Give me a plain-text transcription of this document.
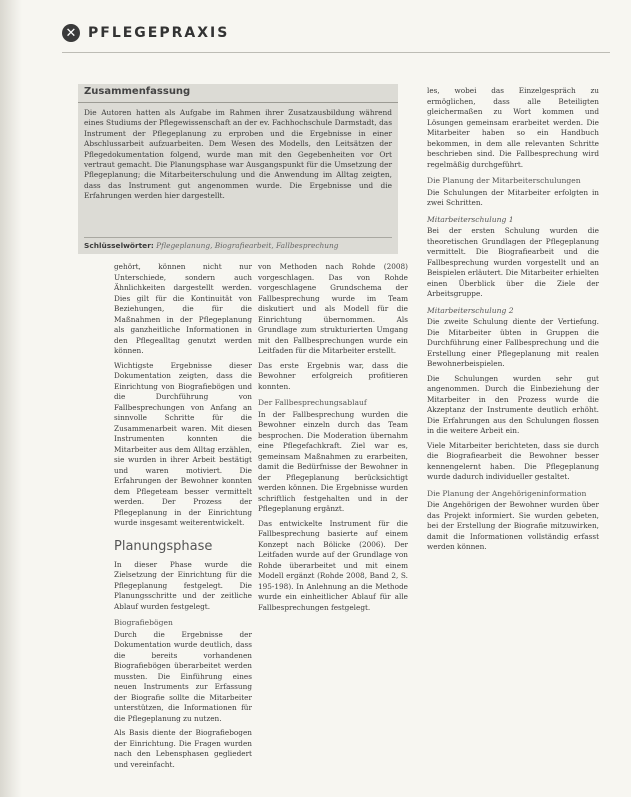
✕ PFLEGEPRAXIS
Zusammenfassung
Die Autoren hatten als Aufgabe im Rahmen ihrer Zusatzausbildung während eines Studiums der Pflegewissenschaft an der ev. Fachhochschule Darmstadt, das Instrument der Pflegeplanung zu erproben und die Ergebnisse in einer Abschlussarbeit aufzuarbeiten. Dem Wesen des Modells, den Leitsätzen der Pflegedokumentation folgend, wurde man mit den Gegebenheiten vor Ort vertraut gemacht. Die Planungsphase war Ausgangspunkt für die Umsetzung der Pflegeplanung; die Mitarbeiterschulung und die Anwendung im Alltag zeigten, dass das Instrument gut angenommen wurde. Die Ergebnisse und die Erfahrungen werden hier dargestellt.
Schlüsselwörter: Pflegeplanung, Biografiearbeit, Fallbesprechung

gehört, können nicht nur Unterschiede, sondern auch Ähnlichkeiten dargestellt werden. Dies gilt für die Kontinuität von Beziehungen, die für die Maßnahmen in der Pflegeplanung als ganzheitliche Informationen in den Pflegealltag genutzt werden können.

Wichtigste Ergebnisse dieser Dokumentation zeigten, dass die Einrichtung von Biografiebögen und die Durchführung von Fallbesprechungen von Anfang an sinnvolle Schritte für die Zusammenarbeit waren. Mit diesen Instrumenten konnten die Mitarbeiter aus dem Alltag erzählen, sie wurden in ihrer Arbeit bestätigt und waren motiviert. Die Erfahrungen der Bewohner konnten dem Pflegeteam besser vermittelt werden. Der Prozess der Pflegeplanung in der Einrichtung wurde insgesamt weiterentwickelt.

Planungsphase

In dieser Phase wurde die Zielsetzung der Einrichtung für die Pflegeplanung festgelegt. Die Planungsschritte und der zeitliche Ablauf wurden festgelegt.

Biografiebögen

Durch die Ergebnisse der Dokumentation wurde deutlich, dass die bereits vorhandenen Biografiebögen überarbeitet werden mussten. Die Einführung eines neuen Instruments zur Erfassung der Biografie sollte die Mitarbeiter unterstützen, die Informationen für die Pflegeplanung zu nutzen.

Als Basis diente der Biografiebogen der Einrichtung. Die Fragen wurden nach den Lebensphasen gegliedert und vereinfacht.

von Methoden nach Rohde (2008) vorgeschlagen. Das von Rohde vorgeschlagene Grundschema der Fallbesprechung wurde im Team diskutiert und als Modell für die Einrichtung übernommen. Als Grundlage zum strukturierten Umgang mit den Fallbesprechungen wurde ein Leitfaden für die Mitarbeiter erstellt.

Das erste Ergebnis war, dass die Bewohner erfolgreich profitieren konnten.

Der Fallbesprechungsablauf

In der Fallbesprechung wurden die Bewohner einzeln durch das Team besprochen. Die Moderation übernahm eine Pflegefachkraft. Ziel war es, gemeinsam Maßnahmen zu erarbeiten, damit die Bedürfnisse der Bewohner in der Pflegeplanung berücksichtigt werden können. Die Ergebnisse wurden schriftlich festgehalten und in der Pflegeplanung ergänzt.

Das entwickelte Instrument für die Fallbesprechung basierte auf einem Konzept nach Bölicke (2006). Der Leitfaden wurde auf der Grundlage von Rohde überarbeitet und mit einem Modell ergänzt (Rohde 2008, Band 2, S. 195-198). In Anlehnung an die Methode wurde ein einheitlicher Ablauf für alle Fallbesprechungen festgelegt.

les, wobei das Einzelgespräch zu ermöglichen, dass alle Beteiligten gleichermaßen zu Wort kommen und Lösungen gemeinsam erarbeitet werden. Die Mitarbeiter haben so ein Handbuch bekommen, in dem alle relevanten Schritte beschrieben sind. Die Fallbesprechung wird regelmäßig durchgeführt.

Die Planung der Mitarbeiterschulungen

Die Schulungen der Mitarbeiter erfolgten in zwei Schritten.

Mitarbeiterschulung 1

Bei der ersten Schulung wurden die theoretischen Grundlagen der Pflegeplanung vermittelt. Die Biografiearbeit und die Fallbesprechung wurden vorgestellt und an Beispielen erläutert. Die Mitarbeiter erhielten einen Überblick über die Ziele der Arbeitsgruppe.

Mitarbeiterschulung 2

Die zweite Schulung diente der Vertiefung. Die Mitarbeiter übten in Gruppen die Durchführung einer Fallbesprechung und die Erstellung einer Pflegeplanung mit realen Bewohnerbeispielen.

Die Schulungen wurden sehr gut angenommen. Durch die Einbeziehung der Mitarbeiter in den Prozess wurde die Akzeptanz der Instrumente deutlich erhöht. Die Erfahrungen aus den Schulungen flossen in die weitere Arbeit ein.

Viele Mitarbeiter berichteten, dass sie durch die Biografiearbeit die Bewohner besser kennengelernt haben. Die Pflegeplanung wurde dadurch individueller gestaltet.

Die Planung der Angehörigeninformation

Die Angehörigen der Bewohner wurden über das Projekt informiert. Sie wurden gebeten, bei der Erstellung der Biografie mitzuwirken, damit die Informationen vollständig erfasst werden können.
